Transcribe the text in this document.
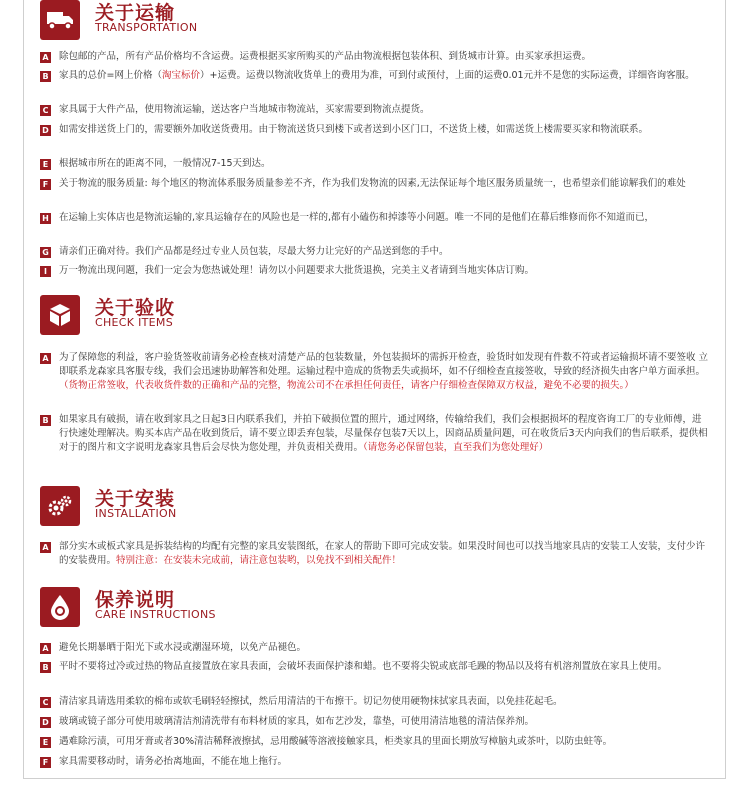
关于运输
TRANSPORTATION
A 除包邮的产品，所有产品价格均不含运费。运费根据买家所购买的产品由物流根据包装体积、到货城市计算。由买家承担运费。
B 家具的总价=网上价格（淘宝标价）+运费。运费以物流收货单上的费用为准，可到付或预付，上面的运费0.01元并不是您的实际运费，详细咨询客服。
C 家具属于大件产品，使用物流运输，送达客户当地城市物流站，买家需要到物流点提货。
D 如需安排送货上门的，需要额外加收送货费用。由于物流送货只到楼下或者送到小区门口，不送货上楼，如需送货上楼需要买家和物流联系。
E 根据城市所在的距离不同，一般情况7-15天到达。
F 关于物流的服务质量: 每个地区的物流体系服务质量参差不齐，作为我们发物流的因素,无法保证每个地区服务质量统一，也希望亲们能谅解我们的难处
H 在运输上实体店也是物流运输的,家具运输存在的风险也是一样的,都有小磕伤和掉漆等小问题。唯一不同的是他们在幕后维修而你不知道而已，
G 请亲们正确对待。我们产品都是经过专业人员包装，尽最大努力让完好的产品送到您的手中。
I	万一物流出现问题，我们一定会为您热诚处理！请勿以小问题要求大批货退换，完美主义者请到当地实体店订购。
关于验收
CHECK ITEMS
A 为了保障您的利益，客户验货签收前请务必检查核对清楚产品的包装数量，外包装损坏的需拆开检查，验货时如发现有件数不符或者运输损坏请不要签收 立即联系龙森家具客服专线，我们会迅速协助解答和处理。运输过程中造成的货物丢失或损坏，如不仔细检查直接签收，导致的经济损失由客户单方面承担。（货物正常签收，代表收货件数的正确和产品的完整，物流公司不在承担任何责任，请客户仔细检查保障双方权益，避免不必要的损失。）
B 如果家具有破损，请在收到家具之日起3日内联系我们，并拍下破损位置的照片，通过网络，传输给我们，我们会根据损坏的程度咨询工厂的专业师傅，进行快速处理解决。购买本店产品在收到货后，请不要立即丢弃包装，尽量保存包装7天以上，因商品质量问题，可在收货后3天内向我们的售后联系，提供相对于的图片和文字说明龙森家具售后会尽快为您处理，并负责相关费用。（请您务必保留包装，直至我们为您处理好）
关于安装
INSTALLATION
A 部分实木或板式家具是拆装结构的均配有完整的家具安装图纸，在家人的帮助下即可完成安装。如果没时间也可以找当地家具店的安装工人安装，支付少许的安装费用。特别注意：在安装未完成前，请注意包装哟，以免找不到相关配件！
保养说明
CARE INSTRUCTIONS
A 避免长期暴晒于阳光下或水浸或潮湿环境，以免产品褪色。
B 平时不要将过冷或过热的物品直接置放在家具表面，会破坏表面保护漆和蜡。也不要将尖锐或底部毛躁的物品以及将有机溶剂置放在家具上使用。
C 清洁家具请选用柔软的棉布或软毛刷轻轻擦拭，然后用清洁的干布擦干。切记勿使用硬物抹拭家具表面，以免挂花起毛。
D 玻璃或镜子部分可使用玻璃清洁剂清洗带有布料材质的家具，如布艺沙发，靠垫，可使用清洁地毯的清洁保养剂。
E 遇难除污渍，可用牙膏或者30%清洁稀释液擦拭，忌用酸碱等溶液接触家具，柜类家具的里面长期放写樟脑丸或茶叶，以防虫蛀等。
F 家具需要移动时，请务必抬离地面，不能在地上拖行。
